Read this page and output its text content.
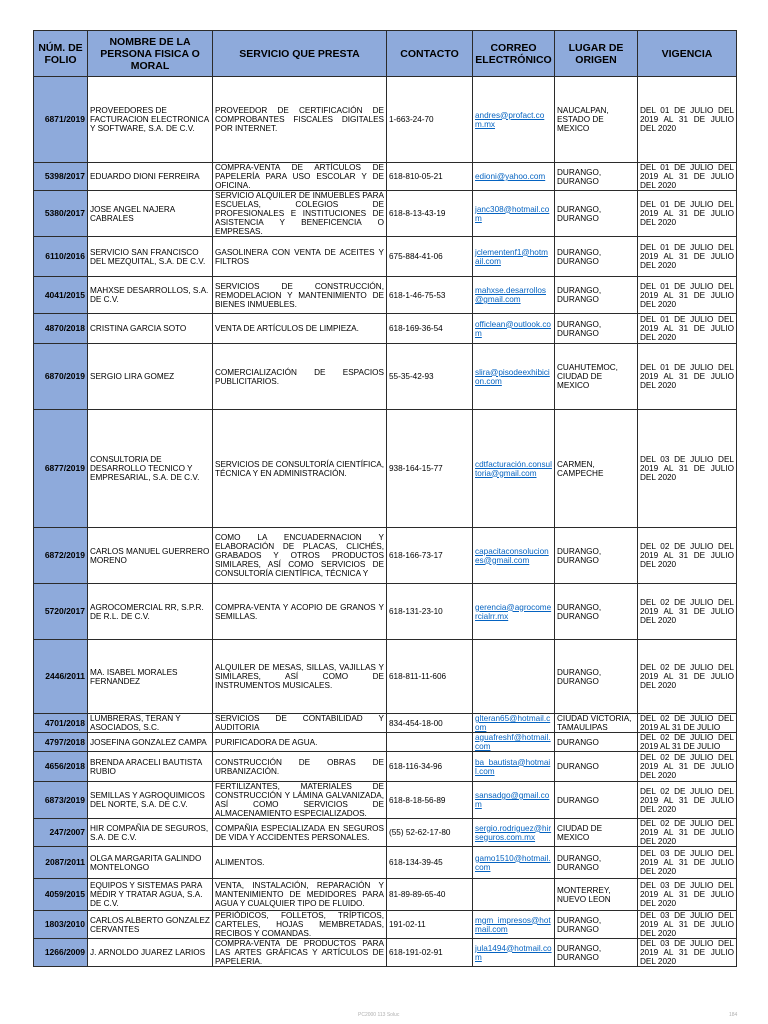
NÚM. DE FOLIO	NOMBRE DE LA PERSONA FISICA O MORAL	SERVICIO QUE PRESTA	CONTACTO	CORREO ELECTRÓNICO	LUGAR DE ORIGEN	VIGENCIA
6871/2019	PROVEEDORES DE FACTURACION ELECTRONICA Y SOFTWARE, S.A. DE C.V.	PROVEEDOR DE CERTIFICACIÓN DE COMPROBANTES FISCALES DIGITALES POR INTERNET.	1-663-24-70	andres@profact.com.mx	NAUCALPAN, ESTADO DE MEXICO	DEL 01 DE JULIO DEL 2019 AL 31 DE JULIO DEL 2020
5398/2017	EDUARDO DIONI FERREIRA	COMPRA-VENTA DE ARTÍCULOS DE PAPELERÍA PARA USO ESCOLAR Y DE OFICINA.	618-810-05-21	edioni@yahoo.com	DURANGO, DURANGO	DEL 01 DE JULIO DEL 2019 AL 31 DE JULIO DEL 2020
5380/2017	JOSE ANGEL NAJERA CABRALES	SERVICIO ALQUILER DE INMUEBLES PARA ESCUELAS, COLEGIOS DE PROFESIONALES E INSTITUCIONES DE ASISTENCIA Y BENEFICENCIA O EMPRESAS.	618-8-13-43-19	janc308@hotmail.com	DURANGO, DURANGO	DEL 01 DE JULIO DEL 2019 AL 31 DE JULIO DEL 2020
6110/2016	SERVICIO SAN FRANCISCO DEL MEZQUITAL, S.A. DE C.V.	GASOLINERA CON VENTA DE ACEITES Y FILTROS	675-884-41-06	jclementenf1@hotmail.com	DURANGO, DURANGO	DEL 01 DE JULIO DEL 2019 AL 31 DE JULIO DEL 2020
4041/2015	MAHXSE DESARROLLOS, S.A. DE C.V.	SERVICIOS DE CONSTRUCCIÓN, REMODELACION Y MANTENIMIENTO DE BIENES INMUEBLES.	618-1-46-75-53	mahxse.desarrollos@gmail.com	DURANGO, DURANGO	DEL 01 DE JULIO DEL 2019 AL 31 DE JULIO DEL 2020
4870/2018	CRISTINA GARCIA SOTO	VENTA DE ARTÍCULOS DE LIMPIEZA.	618-169-36-54	officlean@outlook.com	DURANGO, DURANGO	DEL 01 DE JULIO DEL 2019 AL 31 DE JULIO DEL 2020
6870/2019	SERGIO LIRA GOMEZ	COMERCIALIZACIÓN DE ESPACIOS PUBLICITARIOS.	55-35-42-93	slira@pisodeexhibicion.com	CUAHUTEMOC, CIUDAD DE MEXICO	DEL 01 DE JULIO DEL 2019 AL 31 DE JULIO DEL 2020
6877/2019	CONSULTORIA DE DESARROLLO TECNICO Y EMPRESARIAL, S.A. DE C.V.	SERVICIOS DE CONSULTORÍA CIENTÍFICA, TÉCNICA Y EN ADMINISTRACIÓN.	938-164-15-77	cdtfacturación.consultoria@gmail.com	CARMEN, CAMPECHE	DEL 03 DE JULIO DEL 2019 AL 31 DE JULIO DEL 2020
6872/2019	CARLOS MANUEL GUERRERO MORENO	COMO LA ENCUADERNACION Y ELABORACIÓN DE PLACAS, CLICHÉS, GRABADOS Y OTROS PRODUCTOS SIMILARES, ASÍ COMO SERVICIOS DE CONSULTORÍA CIENTÍFICA, TÉCNICA Y	618-166-73-17	capacitaconsoluciones@gmail.com	DURANGO, DURANGO	DEL 02 DE JULIO DEL 2019 AL 31 DE JULIO DEL 2020
5720/2017	AGROCOMERCIAL RR, S.P.R. DE R.L. DE C.V.	COMPRA-VENTA Y ACOPIO DE GRANOS Y SEMILLAS.	618-131-23-10	gerencia@agrocomercialrr.mx	DURANGO, DURANGO	DEL 02 DE JULIO DEL 2019 AL 31 DE JULIO DEL 2020
2446/2011	MA. ISABEL MORALES FERNANDEZ	ALQUILER DE MESAS, SILLAS, VAJILLAS Y SIMILARES, ASÍ COMO DE INSTRUMENTOS MUSICALES.	618-811-11-606		DURANGO, DURANGO	DEL 02 DE JULIO DEL 2019 AL 31 DE JULIO DEL 2020
4701/2018	LUMBRERAS, TERAN Y ASOCIADOS, S.C.	SERVICIOS DE CONTABILIDAD Y AUDITORIA	834-454-18-00	glteran65@hotmail.com	CIUDAD VICTORIA, TAMAULIPAS	DEL 02 DE JULIO DEL 2019 AL 31 DE JULIO
4797/2018	JOSEFINA GONZALEZ CAMPA	PURIFICADORA DE AGUA.		aguafreshf@hotmail.com	DURANGO	DEL 02 DE JULIO DEL 2019 AL 31 DE JULIO
4656/2018	BRENDA ARACELI BAUTISTA RUBIO	CONSTRUCCIÓN DE OBRAS DE URBANIZACIÓN.	618-116-34-96	ba_bautista@hotmail.com	DURANGO	DEL 02 DE JULIO DEL 2019 AL 31 DE JULIO DEL 2020
6873/2019	SEMILLAS Y AGROQUIMICOS DEL NORTE, S.A. DE C.V.	FERTILIZANTES, MATERIALES DE CONSTRUCCIÓN Y LÁMINA GALVANIZADA, ASÍ COMO SERVICIOS DE ALMACENAMIENTO ESPECIALIZADOS.	618-8-18-56-89	sansadgo@gmail.com	DURANGO	DEL 02 DE JULIO DEL 2019 AL 31 DE JULIO DEL 2020
247/2007	HIR COMPAÑIA DE SEGUROS, S.A. DE C.V.	COMPAÑIA ESPECIALIZADA EN SEGUROS DE VIDA Y ACCIDENTES PERSONALES.	(55) 52-62-17-80	sergio.rodriguez@hirseguros.com.mx	CIUDAD DE MEXICO	DEL 02 DE JULIO DEL 2019 AL 31 DE JULIO DEL 2020
2087/2011	OLGA MARGARITA GALINDO MONTELONGO	ALIMENTOS.	618-134-39-45	gamo1510@hotmail.com	DURANGO, DURANGO	DEL 03 DE JULIO DEL 2019 AL 31 DE JULIO DEL 2020
4059/2015	EQUIPOS Y SISTEMAS PARA MEDIR Y TRATAR AGUA, S.A. DE C.V.	VENTA, INSTALACIÓN, REPARACIÓN Y MANTENIMIENTO DE MEDIDORES PARA AGUA Y CUALQUIER TIPO DE FLUIDO.	81-89-89-65-40		MONTERREY, NUEVO LEON	DEL 03 DE JULIO DEL 2019 AL 31 DE JULIO DEL 2020
1803/2010	CARLOS ALBERTO GONZALEZ CERVANTES	PERIÓDICOS, FOLLETOS, TRÍPTICOS, CARTELES, HOJAS MEMBRETADAS, RECIBOS Y COMANDAS.	191-02-11	mgm_impresos@hotmail.com	DURANGO, DURANGO	DEL 03 DE JULIO DEL 2019 AL 31 DE JULIO DEL 2020
1266/2009	J. ARNOLDO JUAREZ LARIOS	COMPRA-VENTA DE PRODUCTOS PARA LAS ARTES GRÁFICAS Y ARTÍCULOS DE PAPELERIA.	618-191-02-91	jula1494@hotmail.com	DURANGO, DURANGO	DEL 03 DE JULIO DEL 2019 AL 31 DE JULIO DEL 2020
PC2000 113 Soluc	184
